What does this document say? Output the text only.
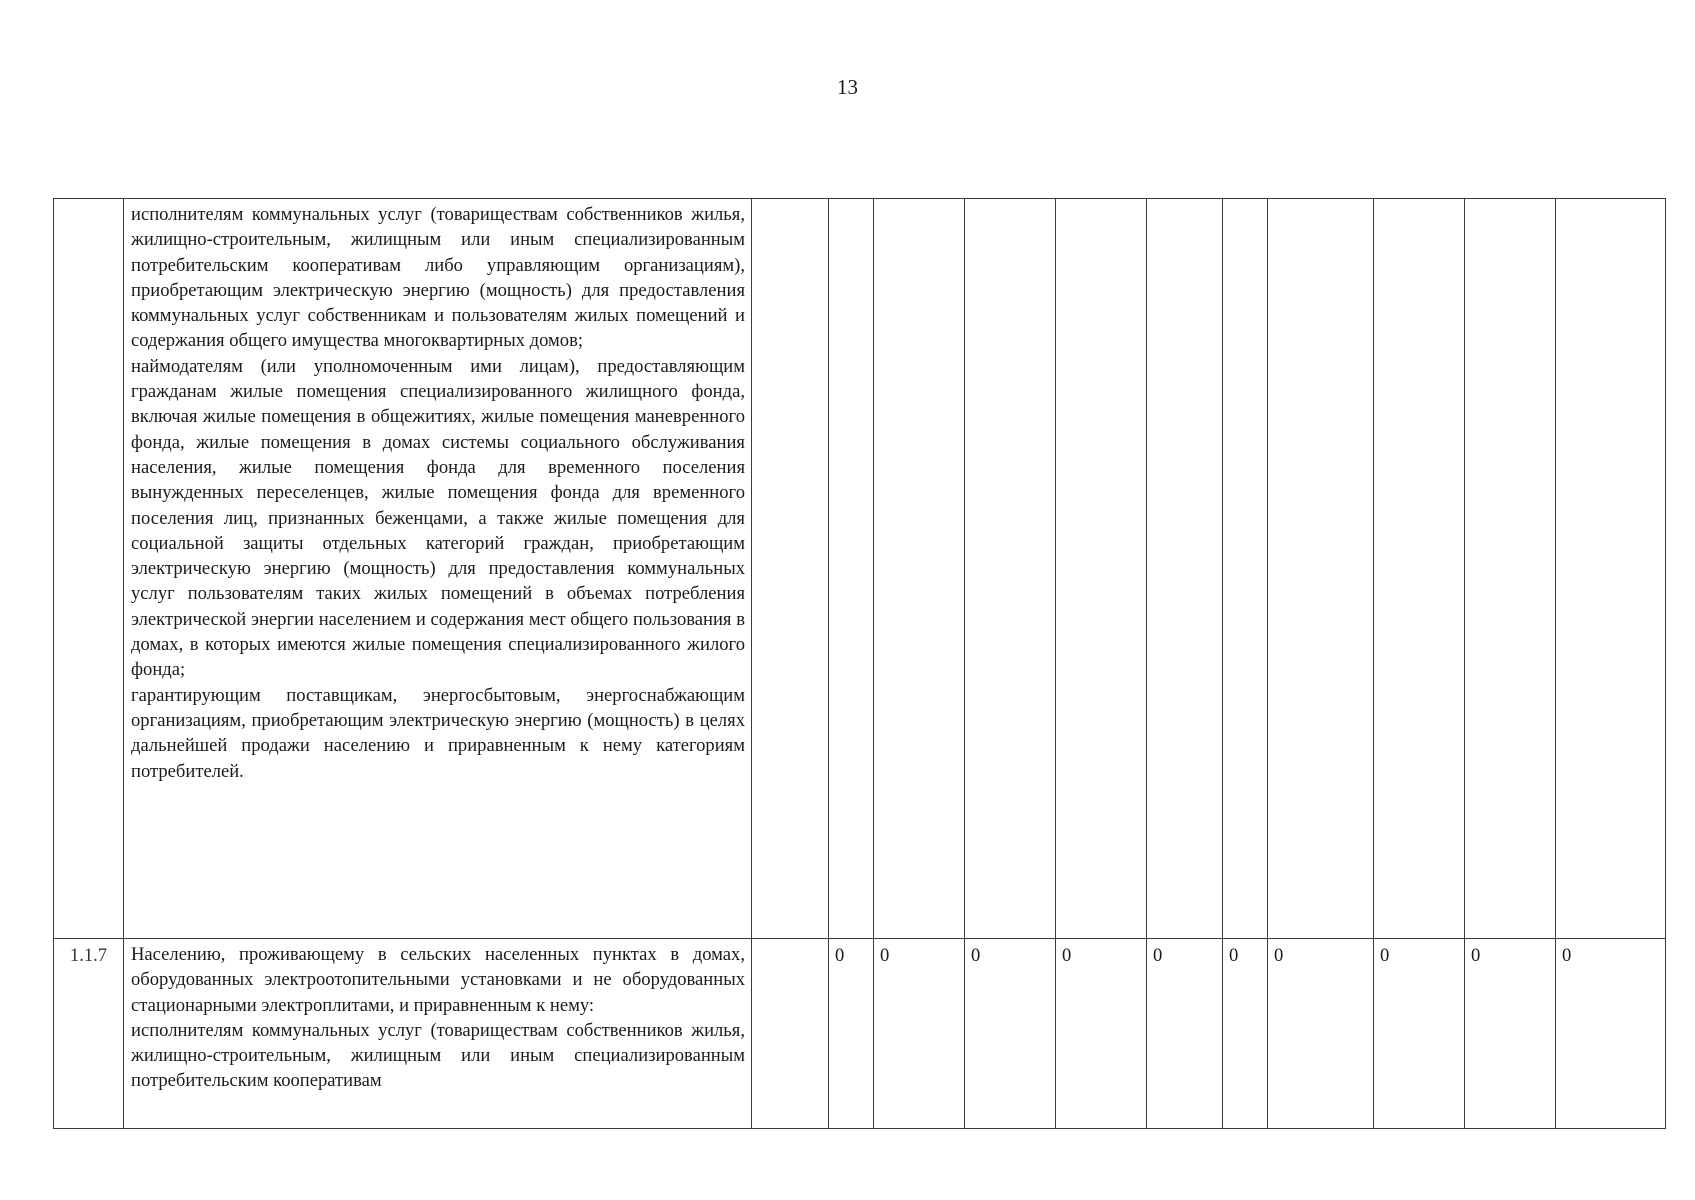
13

	исполнителям коммунальных услуг (товариществам собственников жилья, жилищно-строительным, жилищным или иным специализированным потребительским кооперативам либо управляющим организациям), приобретающим электрическую энергию (мощность) для предоставления коммунальных услуг собственникам и пользователям жилых помещений и содержания общего имущества многоквартирных домов;
наймодателям (или уполномоченным ими лицам), предоставляющим гражданам жилые помещения специализированного жилищного фонда, включая жилые помещения в общежитиях, жилые помещения маневренного фонда, жилые помещения в домах системы социального обслуживания населения, жилые помещения фонда для временного поселения вынужденных переселенцев, жилые помещения фонда для временного поселения лиц, признанных беженцами, а также жилые помещения для социальной защиты отдельных категорий граждан, приобретающим электрическую энергию (мощность) для предоставления коммунальных услуг пользователям таких жилых помещений в объемах потребления электрической энергии населением и содержания мест общего пользования в домах, в которых имеются жилые помещения специализированного жилого фонда;
гарантирующим поставщикам, энергосбытовым, энергоснабжающим организациям, приобретающим электрическую энергию (мощность) в целях дальнейшей продажи населению и приравненным к нему категориям потребителей.											

1.1.7	Населению, проживающему в сельских населенных пунктах в домах, оборудованных электроотопительными установками и не оборудованных стационарными электроплитами, и приравненным к нему:
исполнителям коммунальных услуг (товариществам собственников жилья, жилищно-строительным, жилищным или иным специализированным потребительским кооперативам		0	0	0	0	0	0	0	0	0	0
